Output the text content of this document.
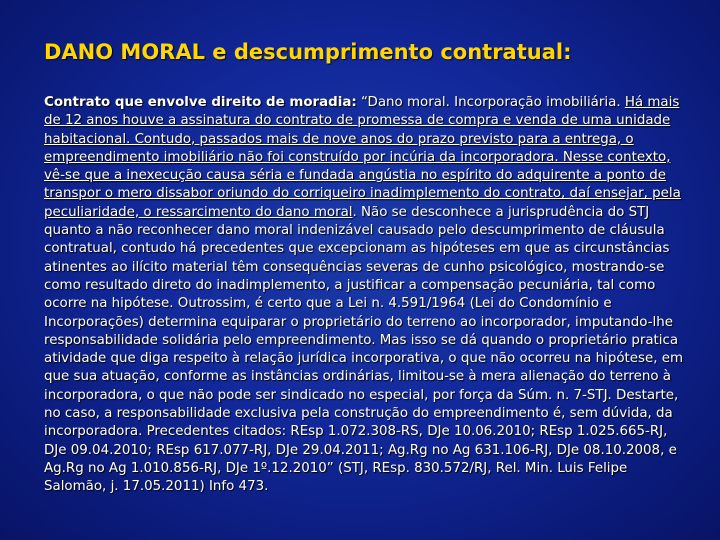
DANO MORAL e descumprimento contratual:
Contrato que envolve direito de moradia: “Dano moral. Incorporação imobiliária. Há mais de 12 anos houve a assinatura do contrato de promessa de compra e venda de uma unidade habitacional. Contudo, passados mais de nove anos do prazo previsto para a entrega, o empreendimento imobiliário não foi construído por incúria da incorporadora. Nesse contexto, vê-se que a inexecução causa séria e fundada angústia no espírito do adquirente a ponto de transpor o mero dissabor oriundo do corriqueiro inadimplemento do contrato, daí ensejar, pela peculiaridade, o ressarcimento do dano moral. Não se desconhece a jurisprudência do STJ quanto a não reconhecer dano moral indenizável causado pelo descumprimento de cláusula contratual, contudo há precedentes que excepcionam as hipóteses em que as circunstâncias atinentes ao ilícito material têm consequências severas de cunho psicológico, mostrando-se como resultado direto do inadimplemento, a justificar a compensação pecuniária, tal como ocorre na hipótese. Outrossim, é certo que a Lei n. 4.591/1964 (Lei do Condomínio e Incorporações) determina equiparar o proprietário do terreno ao incorporador, imputando-lhe responsabilidade solidária pelo empreendimento. Mas isso se dá quando o proprietário pratica atividade que diga respeito à relação jurídica incorporativa, o que não ocorreu na hipótese, em que sua atuação, conforme as instâncias ordinárias, limitou-se à mera alienação do terreno à incorporadora, o que não pode ser sindicado no especial, por força da Súm. n. 7-STJ. Destarte, no caso, a responsabilidade exclusiva pela construção do empreendimento é, sem dúvida, da incorporadora. Precedentes citados: REsp 1.072.308-RS, DJe 10.06.2010; REsp 1.025.665-RJ, DJe 09.04.2010; REsp 617.077-RJ, DJe 29.04.2011; Ag.Rg no Ag 631.106-RJ, DJe 08.10.2008, e Ag.Rg no Ag 1.010.856-RJ, DJe 1º.12.2010” (STJ, REsp. 830.572/RJ, Rel. Min. Luis Felipe Salomão, j. 17.05.2011) Info 473.
